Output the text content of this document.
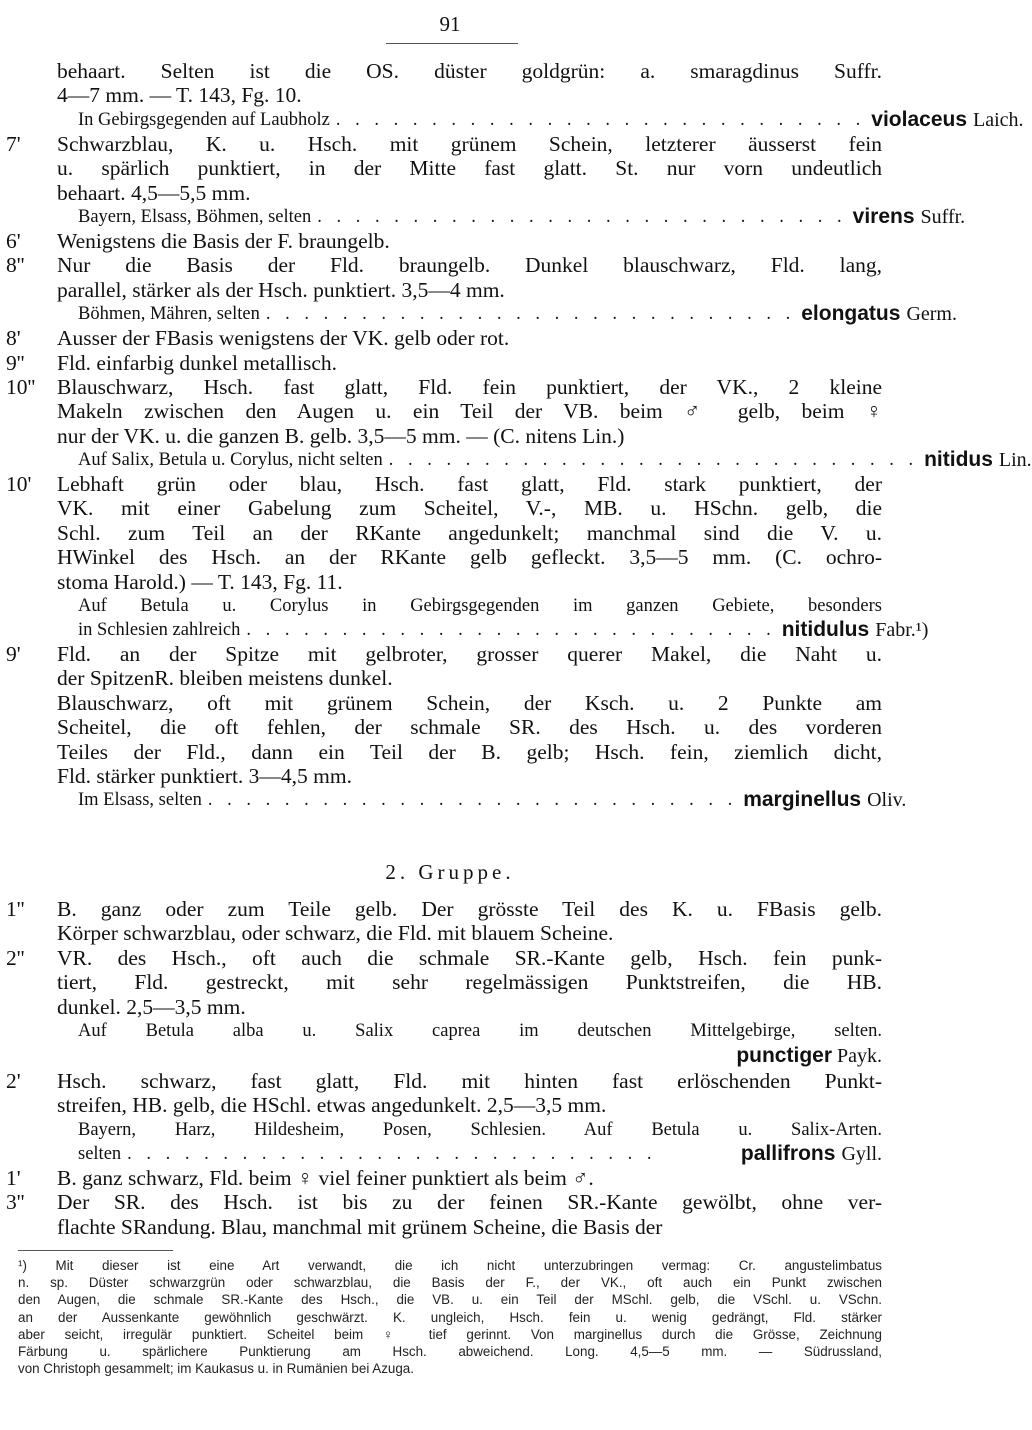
91
behaart. Selten ist die OS. düster goldgrün: a. smaragdinus Suffr.
4—7 mm. — T. 143, Fg. 10.
In Gebirgsgegenden auf Laubholz . . . . . . . . . . . . . . . . . . . . . . . . . . . . violaceus Laich.
7'	Schwarzblau, K. u. Hsch. mit grünem Schein, letzterer äusserst fein
u. spärlich punktiert, in der Mitte fast glatt. St. nur vorn undeutlich
behaart. 4,5—5,5 mm.
Bayern, Elsass, Böhmen, selten . . . . . . . . . . . . . . . . . . . . . . . . . . . . virens Suffr.
6'	Wenigstens die Basis der F. braungelb.
8''	Nur die Basis der Fld. braungelb. Dunkel blauschwarz, Fld. lang,
parallel, stärker als der Hsch. punktiert. 3,5—4 mm.
Böhmen, Mähren, selten . . . . . . . . . . . . . . . . . . . . . . . . . . . . elongatus Germ.
8'	Ausser der FBasis wenigstens der VK. gelb oder rot.
9''	Fld. einfarbig dunkel metallisch.
10''	Blauschwarz, Hsch. fast glatt, Fld. fein punktiert, der VK., 2 kleine
Makeln zwischen den Augen u. ein Teil der VB. beim ♂ gelb, beim ♀
nur der VK. u. die ganzen B. gelb. 3,5—5 mm. — (C. nitens Lin.)
Auf Salix, Betula u. Corylus, nicht selten . . . . . . . . . . . . . . . . . . . . . . . . . . . . nitidus Lin.
10'	Lebhaft grün oder blau, Hsch. fast glatt, Fld. stark punktiert, der
VK. mit einer Gabelung zum Scheitel, V.-, MB. u. HSchn. gelb, die
Schl. zum Teil an der RKante angedunkelt; manchmal sind die V. u.
HWinkel des Hsch. an der RKante gelb gefleckt. 3,5—5 mm. (C. ochro-
stoma Harold.) — T. 143, Fg. 11.
Auf Betula u. Corylus in Gebirgsgegenden im ganzen Gebiete, besonders
in Schlesien zahlreich . . . . . . . . . . . . . . . . . . . . . . . . . . . . nitidulus Fabr.¹)
9'	Fld. an der Spitze mit gelbroter, grosser querer Makel, die Naht u.
der SpitzenR. bleiben meistens dunkel.
Blauschwarz, oft mit grünem Schein, der Ksch. u. 2 Punkte am
Scheitel, die oft fehlen, der schmale SR. des Hsch. u. des vorderen
Teiles der Fld., dann ein Teil der B. gelb; Hsch. fein, ziemlich dicht,
Fld. stärker punktiert. 3—4,5 mm.
Im Elsass, selten . . . . . . . . . . . . . . . . . . . . . . . . . . . . marginellus Oliv.
2. Gruppe.
1''	B. ganz oder zum Teile gelb. Der grösste Teil des K. u. FBasis gelb.
Körper schwarzblau, oder schwarz, die Fld. mit blauem Scheine.
2''	VR. des Hsch., oft auch die schmale SR.-Kante gelb, Hsch. fein punk-
tiert, Fld. gestreckt, mit sehr regelmässigen Punktstreifen, die HB.
dunkel. 2,5—3,5 mm.
Auf Betula alba u. Salix caprea im deutschen Mittelgebirge, selten.
punctiger Payk.
2'	Hsch. schwarz, fast glatt, Fld. mit hinten fast erlöschenden Punkt-
streifen, HB. gelb, die HSchl. etwas angedunkelt. 2,5—3,5 mm.
Bayern, Harz, Hildesheim, Posen, Schlesien. Auf Betula u. Salix-Arten.
selten . . . . . . . . . . . . . . . . . . . . . . . . . . . .	pallifrons Gyll.
1'	B. ganz schwarz, Fld. beim ♀ viel feiner punktiert als beim ♂.
3''	Der SR. des Hsch. ist bis zu der feinen SR.-Kante gewölbt, ohne ver-
flachte SRandung. Blau, manchmal mit grünem Scheine, die Basis der
¹) Mit dieser ist eine Art verwandt, die ich nicht unterzubringen vermag: Cr. angustelimbatus
n. sp. Düster schwarzgrün oder schwarzblau, die Basis der F., der VK., oft auch ein Punkt zwischen
den Augen, die schmale SR.-Kante des Hsch., die VB. u. ein Teil der MSchl. gelb, die VSchl. u. VSchn.
an der Aussenkante gewöhnlich geschwärzt. K. ungleich, Hsch. fein u. wenig gedrängt, Fld. stärker
aber seicht, irregulär punktiert. Scheitel beim ♀ tief gerinnt. Von marginellus durch die Grösse, Zeichnung
Färbung u. spärlichere Punktierung am Hsch. abweichend. Long. 4,5—5 mm. — Südrussland,
von Christoph gesammelt; im Kaukasus u. in Rumänien bei Azuga.
